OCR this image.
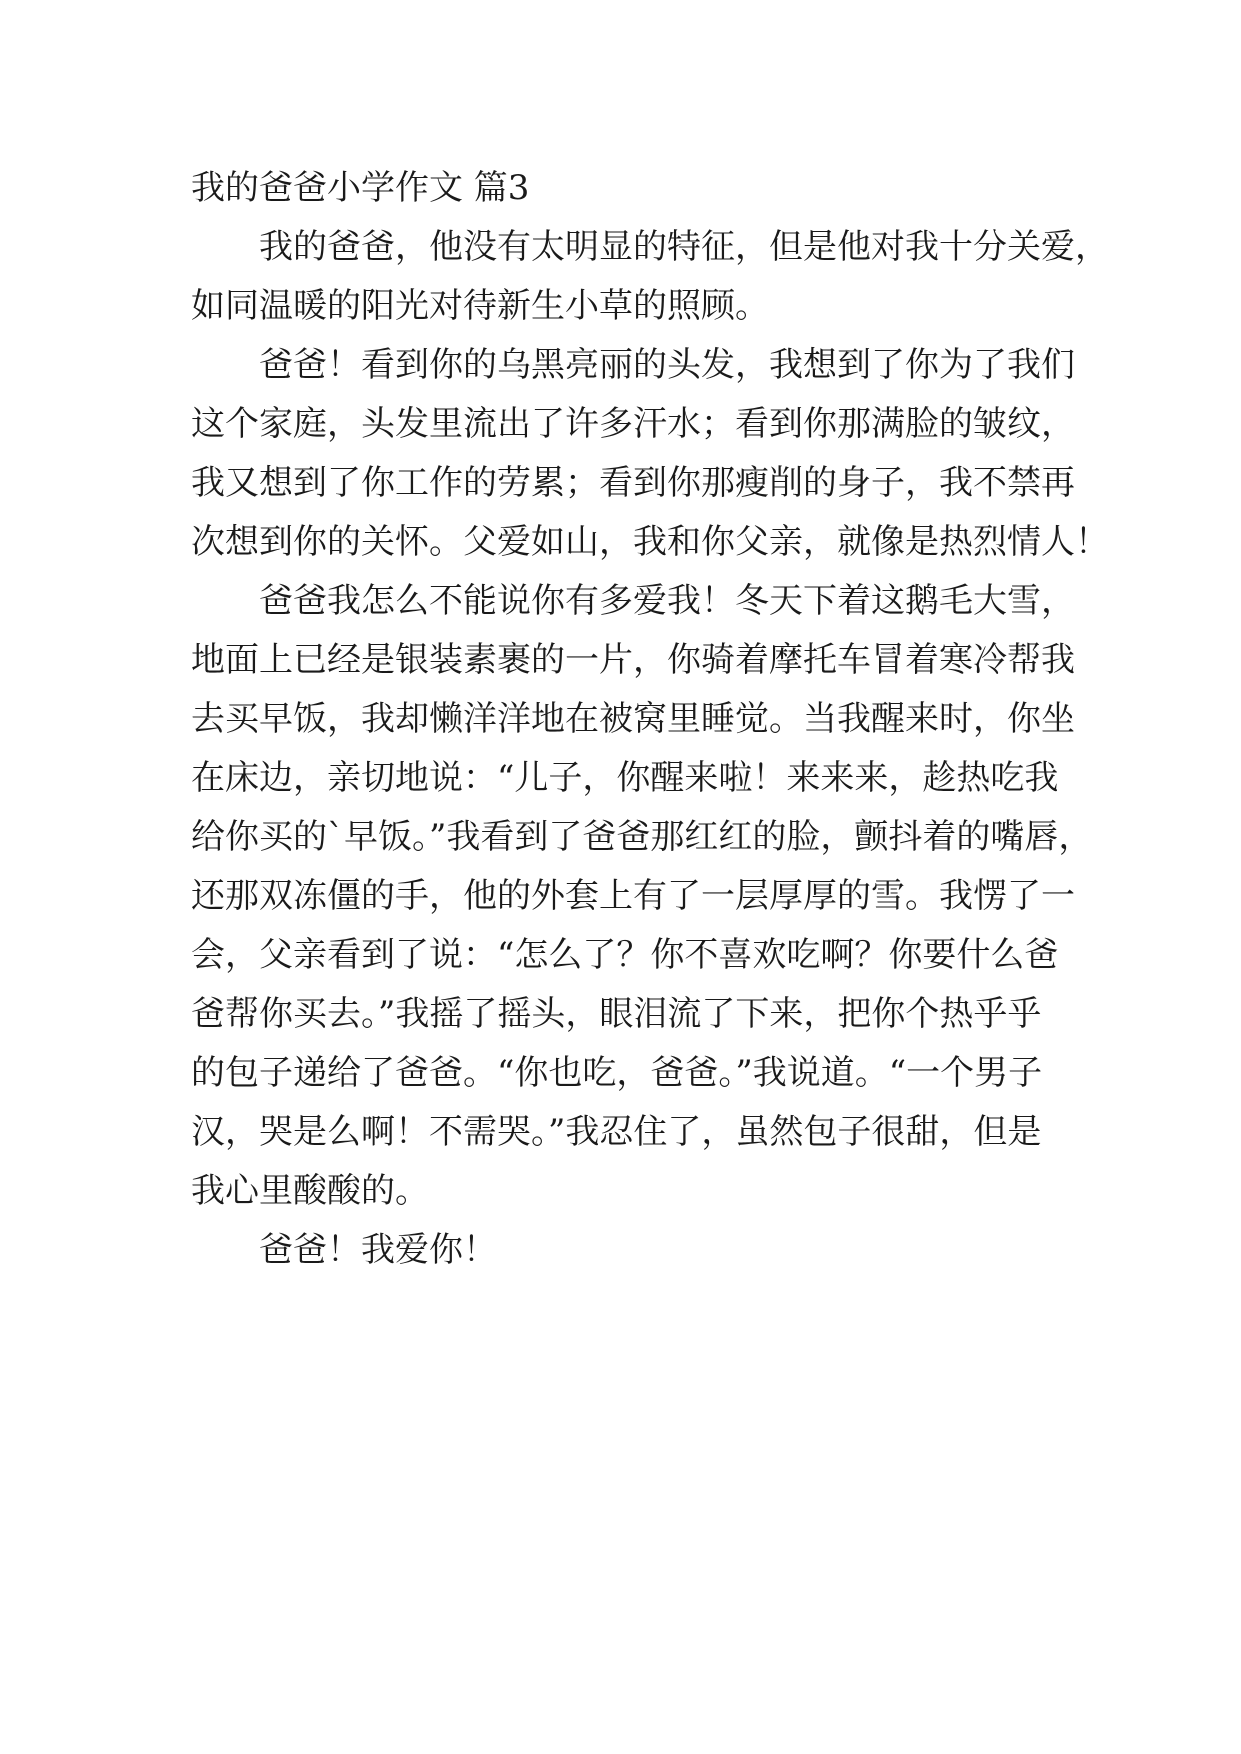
我的爸爸小学作文 篇3
我的爸爸，他没有太明显的特征，但是他对我十分关爱，
如同温暖的阳光对待新生小草的照顾。
爸爸！看到你的乌黑亮丽的头发，我想到了你为了我们
这个家庭，头发里流出了许多汗水；看到你那满脸的皱纹，
我又想到了你工作的劳累；看到你那瘦削的身子，我不禁再
次想到你的关怀。父爱如山，我和你父亲，就像是热烈情人！
爸爸我怎么不能说你有多爱我！冬天下着这鹅毛大雪，
地面上已经是银装素裹的一片，你骑着摩托车冒着寒冷帮我
去买早饭，我却懒洋洋地在被窝里睡觉。当我醒来时，你坐
在床边，亲切地说：“儿子，你醒来啦！来来来，趁热吃我
给你买的`早饭。”我看到了爸爸那红红的脸，颤抖着的嘴唇，
还那双冻僵的手，他的外套上有了一层厚厚的雪。我愣了一
会，父亲看到了说：“怎么了？你不喜欢吃啊？你要什么爸
爸帮你买去。”我摇了摇头，眼泪流了下来，把你个热乎乎
的包子递给了爸爸。“你也吃，爸爸。”我说道。“一个男子
汉，哭是么啊！不需哭。”我忍住了，虽然包子很甜，但是
我心里酸酸的。
爸爸！我爱你！
